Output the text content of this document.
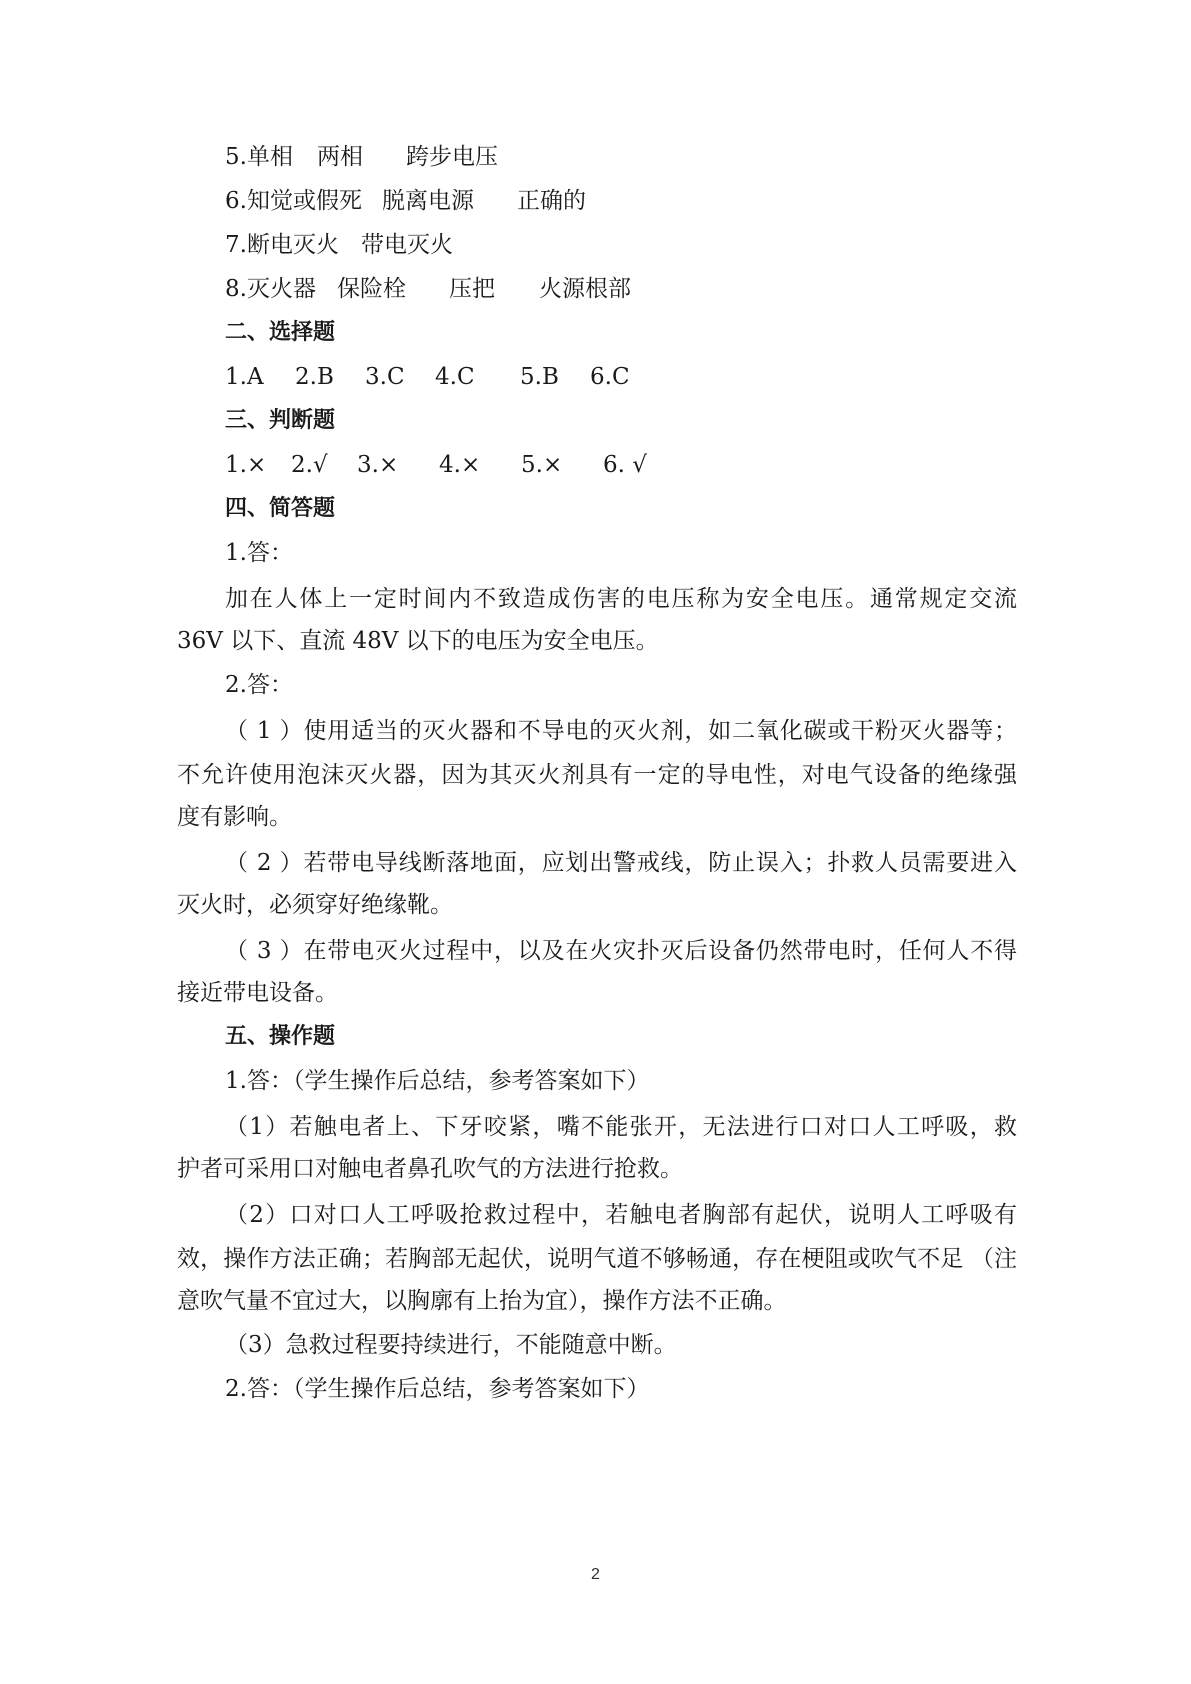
5.单相 两相 跨步电压
6.知觉或假死 脱离电源 正确的
7.断电灭火 带电灭火
8.灭火器 保险栓 压把 火源根部
二、选择题
1.A 2.B 3.C 4.C 5.B 6.C
三、判断题
1.× 2.√ 3.× 4.× 5.× 6. √
四、简答题
1.答：
加在人体上一定时间内不致造成伤害的电压称为安全电压。通常规定交流
36V 以下、直流 48V 以下的电压为安全电压。
2.答：
（ 1 ）使用适当的灭火器和不导电的灭火剂，如二氧化碳或干粉灭火器等；
不允许使用泡沫灭火器，因为其灭火剂具有一定的导电性，对电气设备的绝缘强
度有影响。
（ 2 ）若带电导线断落地面，应划出警戒线，防止误入；扑救人员需要进入
灭火时，必须穿好绝缘靴。
（ 3 ）在带电灭火过程中，以及在火灾扑灭后设备仍然带电时，任何人不得
接近带电设备。
五、操作题
1.答：（学生操作后总结，参考答案如下）
（1）若触电者上、下牙咬紧，嘴不能张开，无法进行口对口人工呼吸，救
护者可采用口对触电者鼻孔吹气的方法进行抢救。
（2）口对口人工呼吸抢救过程中，若触电者胸部有起伏，说明人工呼吸有
效，操作方法正确；若胸部无起伏，说明气道不够畅通，存在梗阻或吹气不足 （注
意吹气量不宜过大，以胸廓有上抬为宜），操作方法不正确。
（3）急救过程要持续进行，不能随意中断。
2.答：（学生操作后总结，参考答案如下）
2
